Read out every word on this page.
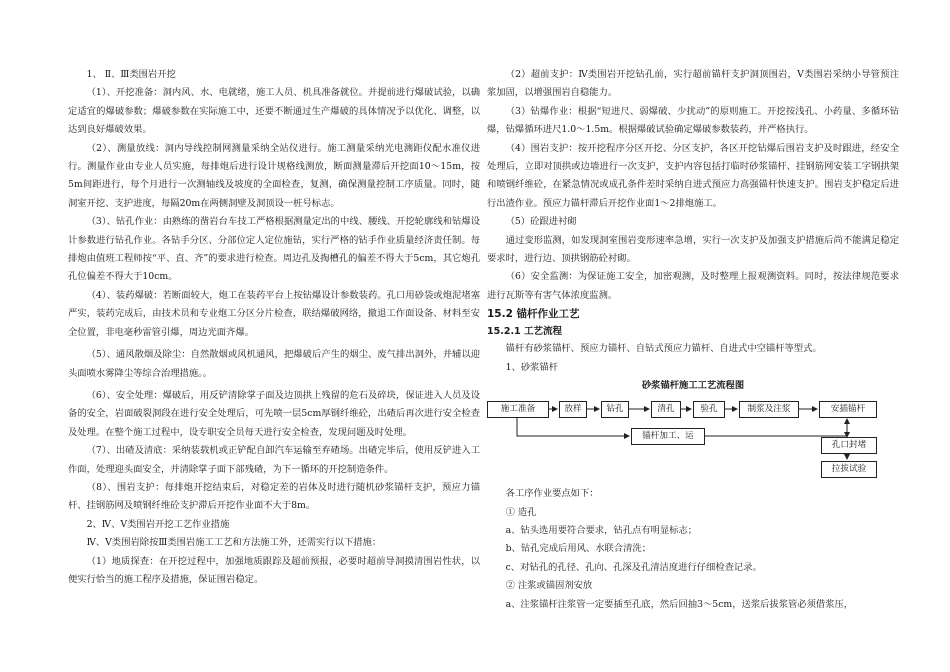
1、 Ⅱ、Ⅲ类围岩开挖

（1）、开挖准备：洞内风、水、电就绪，施工人员、机具准备就位。并提前进行爆破试验，以确定适宜的爆破参数；爆破参数在实际施工中，还要不断通过生产爆破的具体情况予以优化、调整，以达到良好爆破效果。

（2）、测量放线：洞内导线控制网测量采纳全站仪进行。施工测量采纳光电测距仪配水准仪进行。测量作业由专业人员实施，每排炮后进行设计规格线测放，断面测量滞后开挖面10～15m，按5m间距进行，每个月进行一次测轴线及坡度的全面检查，复测，确保测量控制工序质量。同时，随洞室开挖、支护进度，每隔20m在两侧洞壁及洞顶设一桩号标志。

（3）、钻孔作业：由熟练的凿岩台车技工严格根据测量定出的中线、腰线、开挖轮廓线和钻爆设计参数进行钻孔作业。各钻手分区、分部位定人定位施钻，实行严格的钻手作业质量经济责任制。每排炮由值班工程师按“平、直、齐”的要求进行检查。周边孔及掏槽孔的偏差不得大于5cm，其它炮孔孔位偏差不得大于10cm。

（4）、装药爆破：若断面较大，炮工在装药平台上按钻爆设计参数装药。孔口用砂袋或炮泥堵塞严实，装药完成后，由技术员和专业炮工分区分片检查，联结爆破网络，撤退工作面设备、材料至安全位置，非电毫秒雷管引爆，周边光面齐爆。

（5）、通风散烟及除尘：自然散烟或风机通风，把爆破后产生的烟尘、废气排出洞外，并辅以迎头面喷水雾降尘等综合治理措施。。

（6）、安全处理：爆破后，用反铲清除掌子面及边顶拱上残留的危石及碎块，保证进入人员及设备的安全，岩面破裂洞段在进行安全处理后，可先喷一层5cm厚钢纤维砼，出碴后再次进行安全检查及处理。在整个施工过程中，设专职安全员每天进行安全检查，发现问题及时处理。

（7）、出碴及清底：采纳装载机或正铲配自卸汽车运输至弃碴场。出碴完毕后，使用反铲进入工作面，处理迎头面安全，并清除掌子面下部残碴，为下一循环的开挖制造条件。

（8）、围岩支护：每排炮开挖结束后，对稳定差的岩体及时进行随机砂浆锚杆支护，预应力锚杆、挂钢筋网及喷钢纤维砼支护滞后开挖作业面不大于8m。

2、Ⅳ、Ⅴ类围岩开挖工艺作业措施

Ⅳ、Ⅴ类围岩除按Ⅲ类围岩施工工艺和方法施工外，还需实行以下措施：

（1）地质探查：在开挖过程中，加强地质跟踪及超前预报，必要时超前导洞摸清围岩性状，以便实行恰当的施工程序及措施，保证围岩稳定。

（2）超前支护：Ⅳ类围岩开挖钻孔前，实行超前锚杆支护洞顶围岩，Ⅴ类围岩采纳小导管预注浆加固，以增强围岩自稳能力。

（3）钻爆作业：根据“短进尺、弱爆破、少扰动”的原则施工。开挖按浅孔、小药量、多循环钻爆，钻爆循环进尺1.0～1.5m。根据爆破试验确定爆破参数装药，并严格执行。

（4）围岩支护：按开挖程序分区开挖、分区支护，各区开挖钻爆后围岩支护及时跟进，经安全处理后，立即对顶拱或边墙进行一次支护，支护内容包括打临时砂浆锚杆、挂钢筋网安装工字钢拱架和喷钢纤维砼，在紧急情况或成孔条件差时采纳自进式预应力高强锚杆快速支护。围岩支护稳定后进行出渣作业。预应力锚杆滞后开挖作业面1～2排炮施工。

（5）砼跟进衬砌

通过变形监测，如发现洞室围岩变形速率急增，实行一次支护及加强支护措施后尚不能满足稳定要求时，进行边、顶拱钢筋砼衬砌。

（6）安全监测：为保证施工安全，加密观测，及时整理上报观测资料。同时，按法律规范要求进行瓦斯等有害气体浓度监测。

15.2 锚杆作业工艺

15.2.1 工艺流程

锚杆有砂浆锚杆、预应力锚杆、自钻式预应力锚杆、自进式中空锚杆等型式。

1、砂浆锚杆

砂浆锚杆施工工艺流程图
施工准备	放样	钻孔	清孔	验孔	制浆及注浆	安插锚杆
锚杆加工、运
孔口封堵
拉拔试验

各工序作业要点如下：

① 造孔

a、钻头选用要符合要求，钻孔点有明显标志；

b、钻孔完成后用风、水联合清洗；

c、对钻孔的孔径、孔向、孔深及孔清洁度进行仔细检查记录。

② 注浆或锚固剂安放

a、注浆锚杆注浆管一定要插至孔底，然后回抽3～5cm，送浆后拔浆管必须借浆压，
